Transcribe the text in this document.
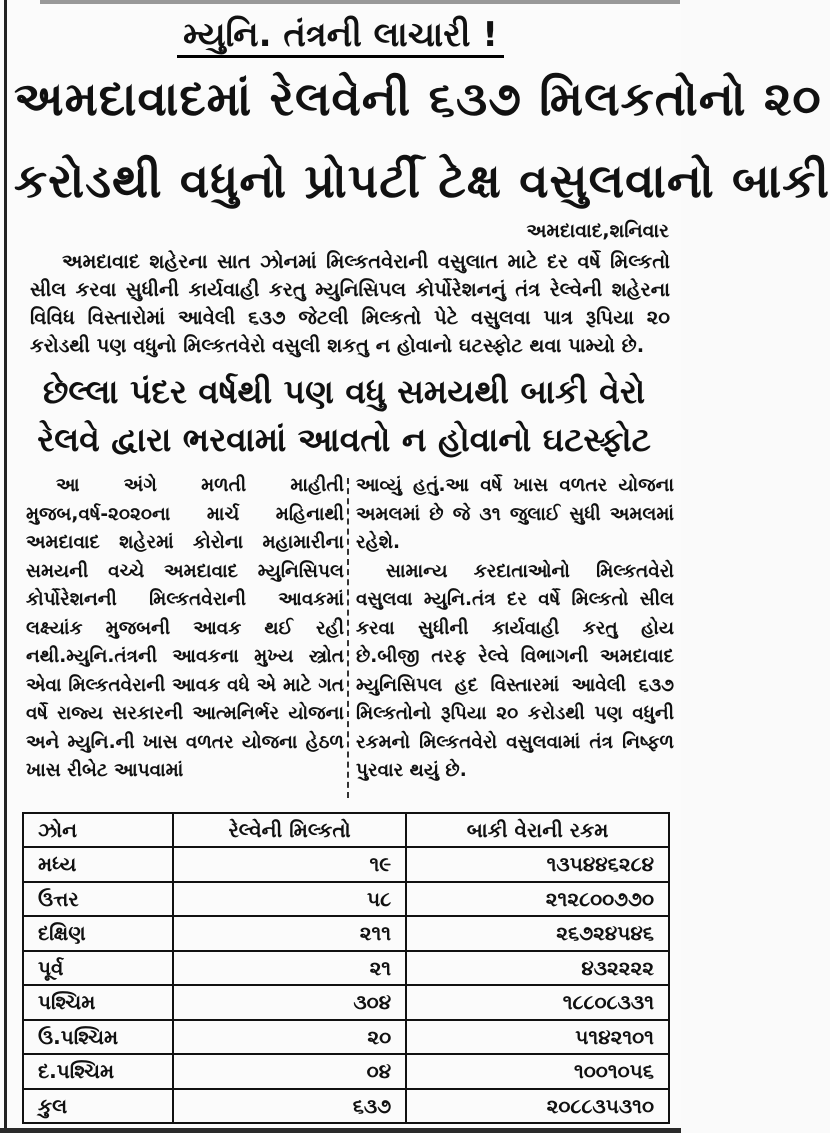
મ્યુનિ. તંત્રની લાચારી !
અમદાવાદમાં રેલવેની ૬૩૭ મિલકતોનો ૨૦
કરોડથી વધુનો પ્રોપર્ટી ટેક્ષ વસુલવાનો બાકી
અમદાવાદ,શનિવાર

અમદાવાદ શહેરના સાત ઝોનમાં મિલ્કતવેરાની વસુલાત માટે દર વર્ષે મિલ્કતો સીલ કરવા સુધીની કાર્યવાહી કરતુ મ્યુનિસિપલ કોર્પોરેશનનું તંત્ર રેલ્વેની શહેરના વિવિધ વિસ્તારોમાં આવેલી ૬૩૭ જેટલી મિલ્કતો પેટે વસુલવા પાત્ર રૂપિયા ૨૦ કરોડથી પણ વધુનો મિલ્કતવેરો વસુલી શકતુ ન હોવાનો ઘટસ્ફોટ થવા પામ્યો છે.

છેલ્લા પંદર વર્ષથી પણ વધુ સમયથી બાકી વેરો
રેલવે દ્વારા ભરવામાં આવતો ન હોવાનો ઘટસ્ફોટ

આ અંગે મળતી માહીતી મુજબ,વર્ષ-૨૦૨૦ના માર્ચ મહિનાથી અમદાવાદ શહેરમાં કોરોના મહામારીના સમયની વચ્ચે અમદાવાદ મ્યુનિસિપલ કોર્પોરેશનની મિલ્કતવેરાની આવકમાં લક્ષ્યાંક મુજબની આવક થઈ રહી નથી.મ્યુનિ.તંત્રની આવકના મુખ્ય સ્ત્રોત એવા મિલ્કતવેરાની આવક વધે એ માટે ગત વર્ષે રાજ્ય સરકારની આત્મનિર્ભર યોજના અને મ્યુનિ.ની ખાસ વળતર યોજના હેઠળ ખાસ રીબેટ આપવામાં

આવ્યું હતું.આ વર્ષે ખાસ વળતર યોજના અમલમાં છે જે ૩૧ જુલાઈ સુધી અમલમાં રહેશે.

સામાન્ય કરદાતાઓનો મિલ્કતવેરો વસુલવા મ્યુનિ.તંત્ર દર વર્ષે મિલ્કતો સીલ કરવા સુધીની કાર્યવાહી કરતુ હોય છે.બીજી તરફ રેલ્વે વિભાગની અમદાવાદ મ્યુનિસિપલ હદ વિસ્તારમાં આવેલી ૬૩૭ મિલ્કતોનો રૂપિયા ૨૦ કરોડથી પણ વધુની રકમનો મિલ્કતવેરો વસુલવામાં તંત્ર નિષ્ફળ પુરવાર થયું છે.

ઝોન	રેલ્વેની મિલ્કતો	બાકી વેરાની રકમ
મધ્ય	૧૯	૧૩૫૪૪૬૨૮૪
ઉત્તર	૫૮	૨૧૨૮૦૦૭૭૦
દક્ષિણ	૨૧૧	૨૬૭૨૪૫૪૬
પૂર્વ	૨૧	૪૩૨૨૨૨
પશ્ચિમ	૩૦૪	૧૮૮૦૮૩૩૧
ઉ.પશ્ચિમ	૨૦	૫૧૪૨૧૦૧
દ.પશ્ચિમ	૦૪	૧૦૦૧૦૫૬
કુલ	૬૩૭	૨૦૮૮૩૫૩૧૦
